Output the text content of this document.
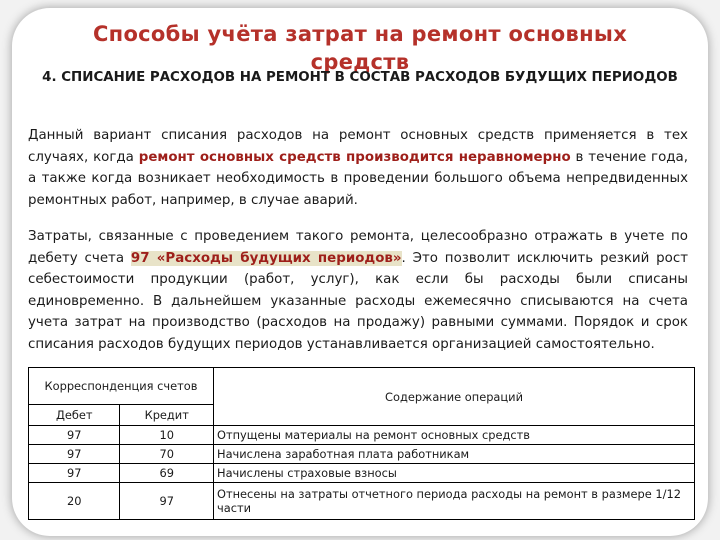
Способы учёта затрат на ремонт основных средств
4. СПИСАНИЕ РАСХОДОВ НА РЕМОНТ В СОСТАВ РАСХОДОВ БУДУЩИХ ПЕРИОДОВ

Данный вариант списания расходов на ремонт основных средств применяется в тех случаях, когда ремонт основных средств производится неравномерно в течение года, а также когда возникает необходимость в проведении большого объема непредвиденных ремонтных работ, например, в случае аварий.

Затраты, связанные с проведением такого ремонта, целесообразно отражать в учете по дебету счета 97 «Расходы будущих периодов». Это позволит исключить резкий рост себестоимости продукции (работ, услуг), как если бы расходы были списаны единовременно. В дальнейшем указанные расходы ежемесячно списываются на счета учета затрат на производство (расходов на продажу) равными суммами. Порядок и срок списания расходов будущих периодов устанавливается организацией самостоятельно.

Корреспонденция счетов		Содержание операций
Дебет	Кредит	
97	10	Отпущены материалы на ремонт основных средств
97	70	Начислена заработная плата работникам
97	69	Начислены страховые взносы
20	97	Отнесены на затраты отчетного периода расходы на ремонт в размере 1/12 части
